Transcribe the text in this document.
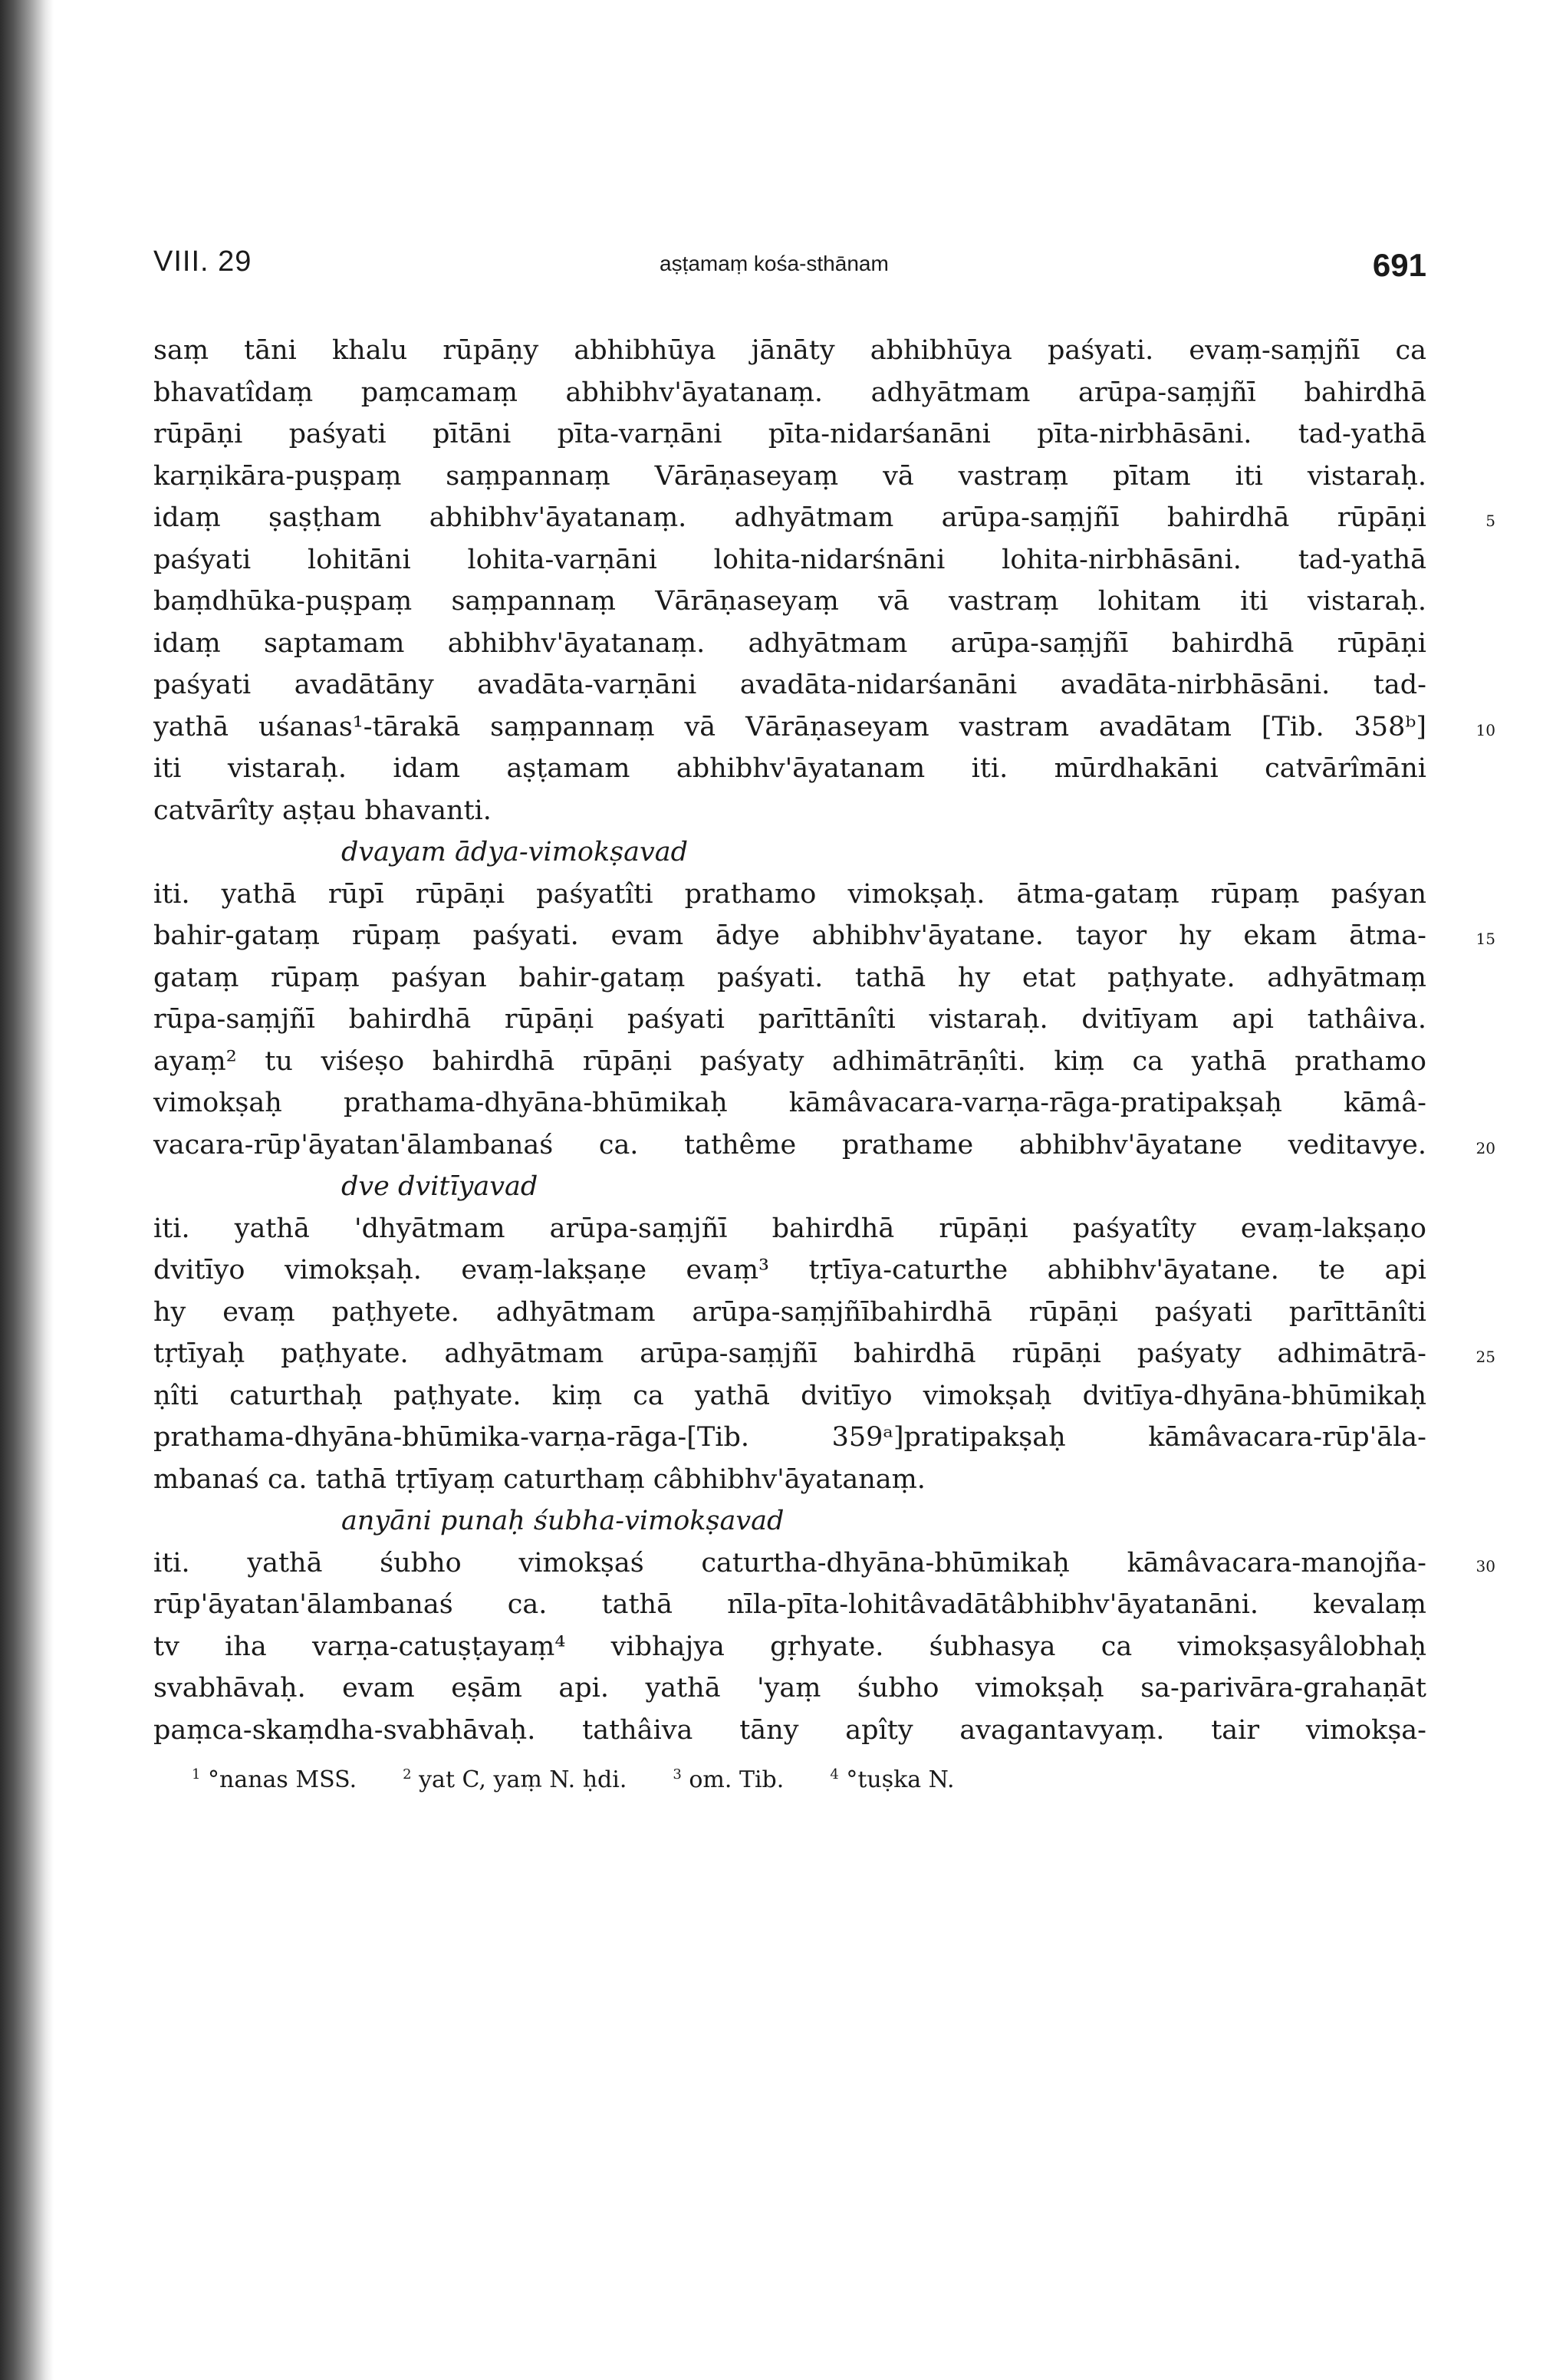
VIII. 29	aṣṭamaṃ kośa-sthānam	691
saṃ tāni khalu rūpāṇy abhibhūya jānāty abhibhūya paśyati. evaṃ-saṃjñī ca
bhavatîdaṃ paṃcamaṃ abhibhv'āyatanaṃ. adhyātmam arūpa-saṃjñī bahirdhā
rūpāṇi paśyati pītāni pīta-varṇāni pīta-nidarśanāni pīta-nirbhāsāni. tad-yathā
karṇikāra-puṣpaṃ saṃpannaṃ Vārāṇaseyaṃ vā vastraṃ pītam iti vistaraḥ.
idaṃ ṣaṣṭham abhibhv'āyatanaṃ. adhyātmam arūpa-saṃjñī bahirdhā rūpāṇi	5
paśyati lohitāni lohita-varṇāni lohita-nidarśnāni lohita-nirbhāsāni. tad-yathā
baṃdhūka-puṣpaṃ saṃpannaṃ Vārāṇaseyaṃ vā vastraṃ lohitam iti vistaraḥ.
idaṃ saptamam abhibhv'āyatanaṃ. adhyātmam arūpa-saṃjñī bahirdhā rūpāṇi
paśyati avadātāny avadāta-varṇāni avadāta-nidarśanāni avadāta-nirbhāsāni. tad-
yathā uśanas¹-tārakā saṃpannaṃ vā Vārāṇaseyam vastram avadātam [Tib. 358ᵇ]	10
iti vistaraḥ. idam aṣṭamam abhibhv'āyatanam iti. mūrdhakāni catvārîmāni
catvārîty aṣṭau bhavanti.
dvayam ādya-vimokṣavad
iti. yathā rūpī rūpāṇi paśyatîti prathamo vimokṣaḥ. ātma-gataṃ rūpaṃ paśyan
bahir-gataṃ rūpaṃ paśyati. evam ādye abhibhv'āyatane. tayor hy ekam ātma-	15
gataṃ rūpaṃ paśyan bahir-gataṃ paśyati. tathā hy etat paṭhyate. adhyātmaṃ
rūpa-saṃjñī bahirdhā rūpāṇi paśyati parīttānîti vistaraḥ. dvitīyam api tathâiva.
ayaṃ² tu viśeṣo bahirdhā rūpāṇi paśyaty adhimātrāṇîti. kiṃ ca yathā prathamo
vimokṣaḥ prathama-dhyāna-bhūmikaḥ kāmâvacara-varṇa-rāga-pratipakṣaḥ kāmâ-
vacara-rūp'āyatan'ālambanaś ca. tathême prathame abhibhv'āyatane veditavye.	20
dve dvitīyavad
iti. yathā 'dhyātmam arūpa-saṃjñī bahirdhā rūpāṇi paśyatîty evaṃ-lakṣaṇo
dvitīyo vimokṣaḥ. evaṃ-lakṣaṇe evaṃ³ tṛtīya-caturthe abhibhv'āyatane. te api
hy evaṃ paṭhyete. adhyātmam arūpa-saṃjñībahirdhā rūpāṇi paśyati parīttānîti
tṛtīyaḥ paṭhyate. adhyātmam arūpa-saṃjñī bahirdhā rūpāṇi paśyaty adhimātrā-	25
ṇîti caturthaḥ paṭhyate. kiṃ ca yathā dvitīyo vimokṣaḥ dvitīya-dhyāna-bhūmikaḥ
prathama-dhyāna-bhūmika-varṇa-rāga-[Tib. 359ᵃ]pratipakṣaḥ kāmâvacara-rūp'āla-
mbanaś ca. tathā tṛtīyaṃ caturthaṃ câbhibhv'āyatanaṃ.
anyāni punaḥ śubha-vimokṣavad
iti. yathā śubho vimokṣaś caturtha-dhyāna-bhūmikaḥ kāmâvacara-manojña-	30
rūp'āyatan'ālambanaś ca. tathā nīla-pīta-lohitâvadātâbhibhv'āyatanāni. kevalaṃ
tv iha varṇa-catuṣṭayaṃ⁴ vibhajya gṛhyate. śubhasya ca vimokṣasyâlobhaḥ
svabhāvaḥ. evam eṣām api. yathā 'yaṃ śubho vimokṣaḥ sa-parivāra-grahaṇāt
paṃca-skaṃdha-svabhāvaḥ. tathâiva tāny apîty avagantavyaṃ. tair vimokṣa-
$^1$ °nanas MSS.	$^2$ yat C, yaṃ N. ḥdi.	$^3$ om. Tib.	$^4$ °tuṣka N.
